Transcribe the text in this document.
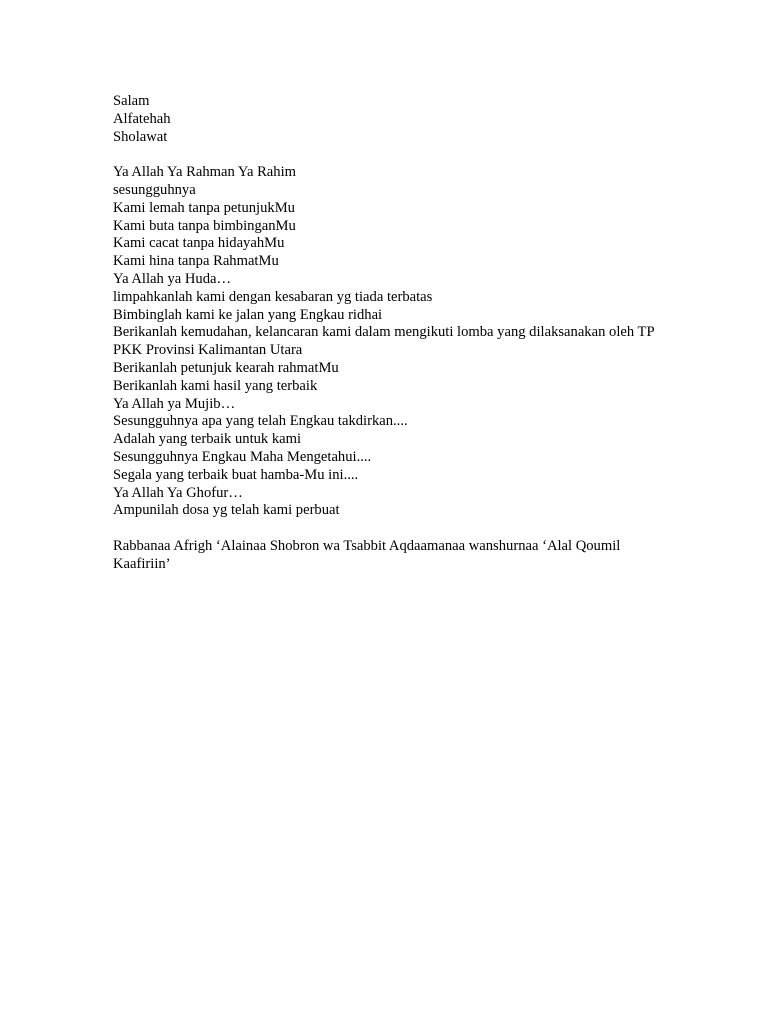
Salam
Alfatehah
Sholawat
Ya Allah Ya Rahman Ya Rahim
sesungguhnya
Kami lemah tanpa petunjukMu
Kami buta tanpa bimbinganMu
Kami cacat tanpa hidayahMu
Kami hina tanpa RahmatMu
Ya Allah ya Huda…
limpahkanlah kami dengan kesabaran yg tiada terbatas
Bimbinglah kami ke jalan yang Engkau ridhai
Berikanlah kemudahan, kelancaran kami dalam mengikuti lomba yang dilaksanakan oleh TP PKK Provinsi Kalimantan Utara
Berikanlah petunjuk kearah rahmatMu
Berikanlah kami hasil yang terbaik
Ya Allah ya Mujib…
Sesungguhnya apa yang telah Engkau takdirkan....
Adalah yang terbaik untuk kami
Sesungguhnya Engkau Maha Mengetahui....
Segala yang terbaik buat hamba-Mu ini....
Ya Allah Ya Ghofur…
Ampunilah dosa yg telah kami perbuat
Rabbanaa Afrigh ‘Alainaa Shobron wa Tsabbit Aqdaamanaa wanshurnaa ‘Alal Qoumil Kaafiriin’
